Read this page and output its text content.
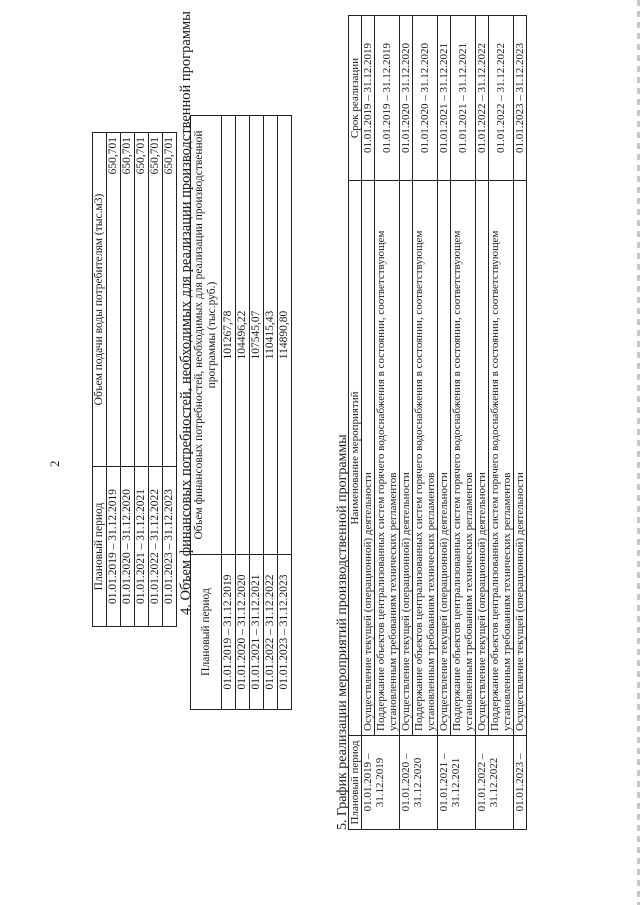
2
Плановый период	Объем подачи воды потребителям (тыс.м3)
01.01.2019 – 31.12.2019	650,701
01.01.2020 – 31.12.2020	650,701
01.01.2021 – 31.12.2021	650,701
01.01.2022 – 31.12.2022	650,701
01.01.2023 – 31.12.2023	650,701 4. Объем финансовых потребностей, необходимых для реализации производственной программы
Плановый период	Объем финансовых потребностей, необходимых для реализации производственной программы (тыс.руб.)
01.01.2019 – 31.12.2019	101267,78
01.01.2020 – 31.12.2020	104496,22
01.01.2021 – 31.12.2021	107545,07
01.01.2022 – 31.12.2022	110415,43
01.01.2023 – 31.12.2023	114890,80
5. График реализации мероприятий производственной программы Плановый период	Наименование мероприятий	Срок реализации
01.01.2019 – 31.12.2019	Осуществление текущей (операционной) деятельности	01.01.2019 – 31.12.2019
	Поддержание объектов централизованных систем горячего водоснабжения в состоянии, соответствующем установленным требованиям технических регламентов	01.01.2019 – 31.12.2019
01.01.2020 – 31.12.2020	Осуществление текущей (операционной) деятельности	01.01.2020 – 31.12.2020
	Поддержание объектов централизованных систем горячего водоснабжения в состоянии, соответствующем установленным требованиям технических регламентов	01.01.2020 – 31.12.2020
01.01.2021 – 31.12.2021	Осуществление текущей (операционной) деятельности	01.01.2021 – 31.12.2021
	Поддержание объектов централизованных систем горячего водоснабжения в состоянии, соответствующем установленным требованиям технических регламентов	01.01.2021 – 31.12.2021
01.01.2022 – 31.12.2022	Осуществление текущей (операционной) деятельности	01.01.2022 – 31.12.2022
	Поддержание объектов централизованных систем горячего водоснабжения в состоянии, соответствующем установленным требованиям технических регламентов	01.01.2022 – 31.12.2022
01.01.2023 –	Осуществление текущей (операционной) деятельности	01.01.2023 – 31.12.2023
